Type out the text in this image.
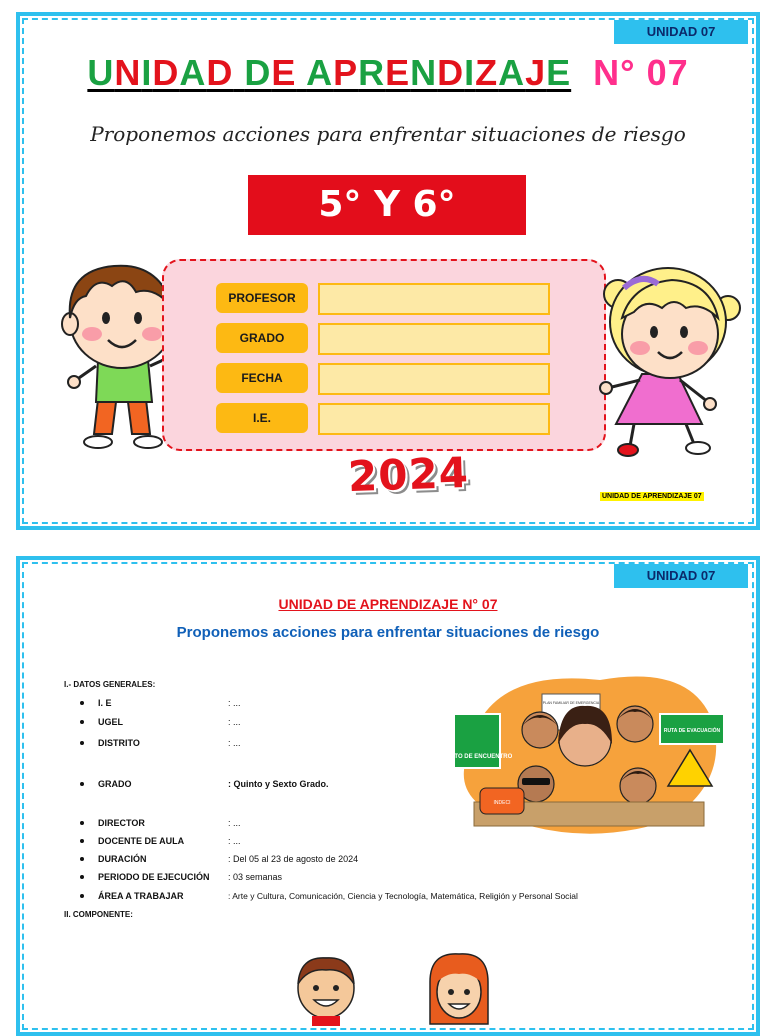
UNIDAD 07
UNIDAD DE APRENDIZAJE N° 07
Proponemos acciones para enfrentar situaciones de riesgo
5° Y 6° GRADO
PROFESOR
GRADO
FECHA
I.E.
2024	UNIDAD DE APRENDIZAJE 07
UNIDAD 07
UNIDAD DE APRENDIZAJE N° 07
Proponemos acciones para enfrentar situaciones de riesgo
I.- DATOS GENERALES:
I. E	: ...
UGEL	: ...
DISTRITO	: ...
GRADO	: Quinto y Sexto Grado.
DIRECTOR	: ...
DOCENTE DE AULA	: ...
DURACIÓN	: Del 05 al 23 de agosto de 2024
PERIODO DE EJECUCIÓN : 03 semanas
ÁREA A TRABAJAR	: Arte y Cultura, Comunicación, Ciencia y Tecnología, Matemática, Religión y Personal Social
II. COMPONENTE:
PUNTO DE ENCUENTRO
PLAN FAMILIAR DE EMERGENCIA
RUTA DE EVACUACIÓN
INDECI
